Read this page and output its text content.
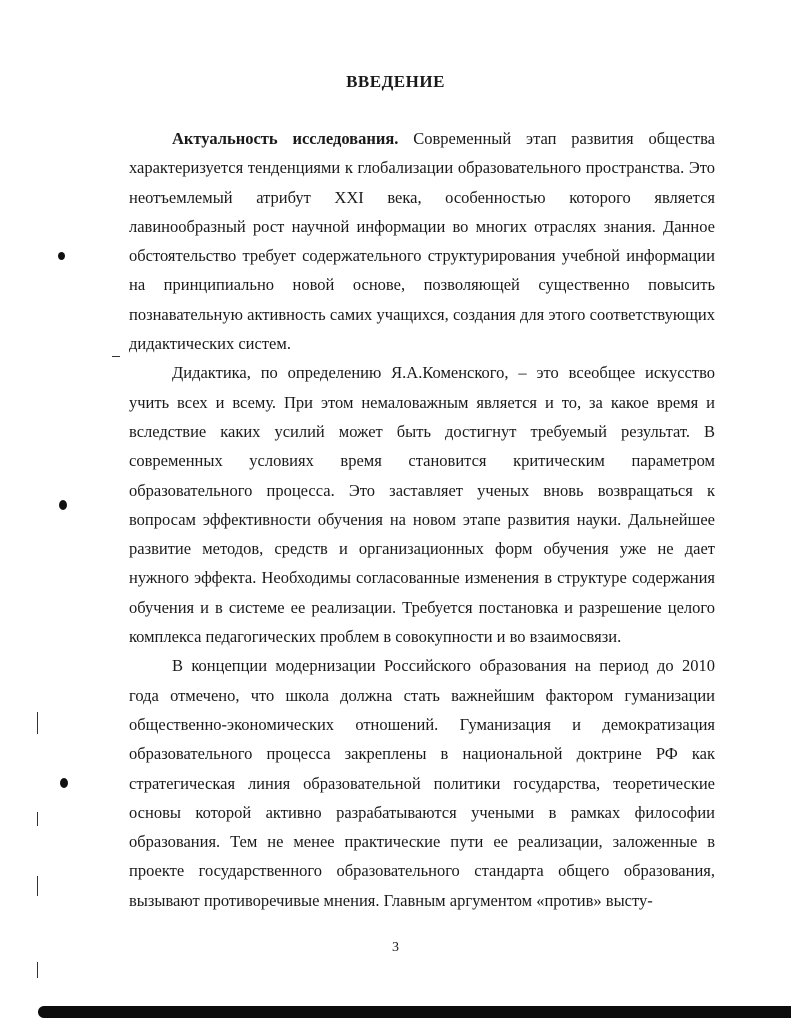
ВВЕДЕНИЕ

Актуальность исследования. Современный этап развития общества характеризуется тенденциями к глобализации образовательного пространства. Это неотъемлемый атрибут XXI века, особенностью которого является лавинообразный рост научной информации во многих отраслях знания. Данное обстоятельство требует содержательного структурирования учебной информации на принципиально новой основе, позволяющей существенно повысить познавательную активность самих учащихся, создания для этого соответствующих дидактических систем.

Дидактика, по определению Я.А.Коменского, – это всеобщее искусство учить всех и всему. При этом немаловажным является и то, за какое время и вследствие каких усилий может быть достигнут требуемый результат. В современных условиях время становится критическим параметром образовательного процесса. Это заставляет ученых вновь возвращаться к вопросам эффективности обучения на новом этапе развития науки. Дальнейшее развитие методов, средств и организационных форм обучения уже не дает нужного эффекта. Необходимы согласованные изменения в структуре содержания обучения и в системе ее реализации. Требуется постановка и разрешение целого комплекса педагогических проблем в совокупности и во взаимосвязи.

В концепции модернизации Российского образования на период до 2010 года отмечено, что школа должна стать важнейшим фактором гуманизации общественно-экономических отношений. Гуманизация и демократизация образовательного процесса закреплены в национальной доктрине РФ как стратегическая линия образовательной политики государства, теоретические основы которой активно разрабатываются учеными в рамках философии образования. Тем не менее практические пути ее реализации, заложенные в проекте государственного образовательного стандарта общего образования, вызывают противоречивые мнения. Главным аргументом «против» высту-

3
